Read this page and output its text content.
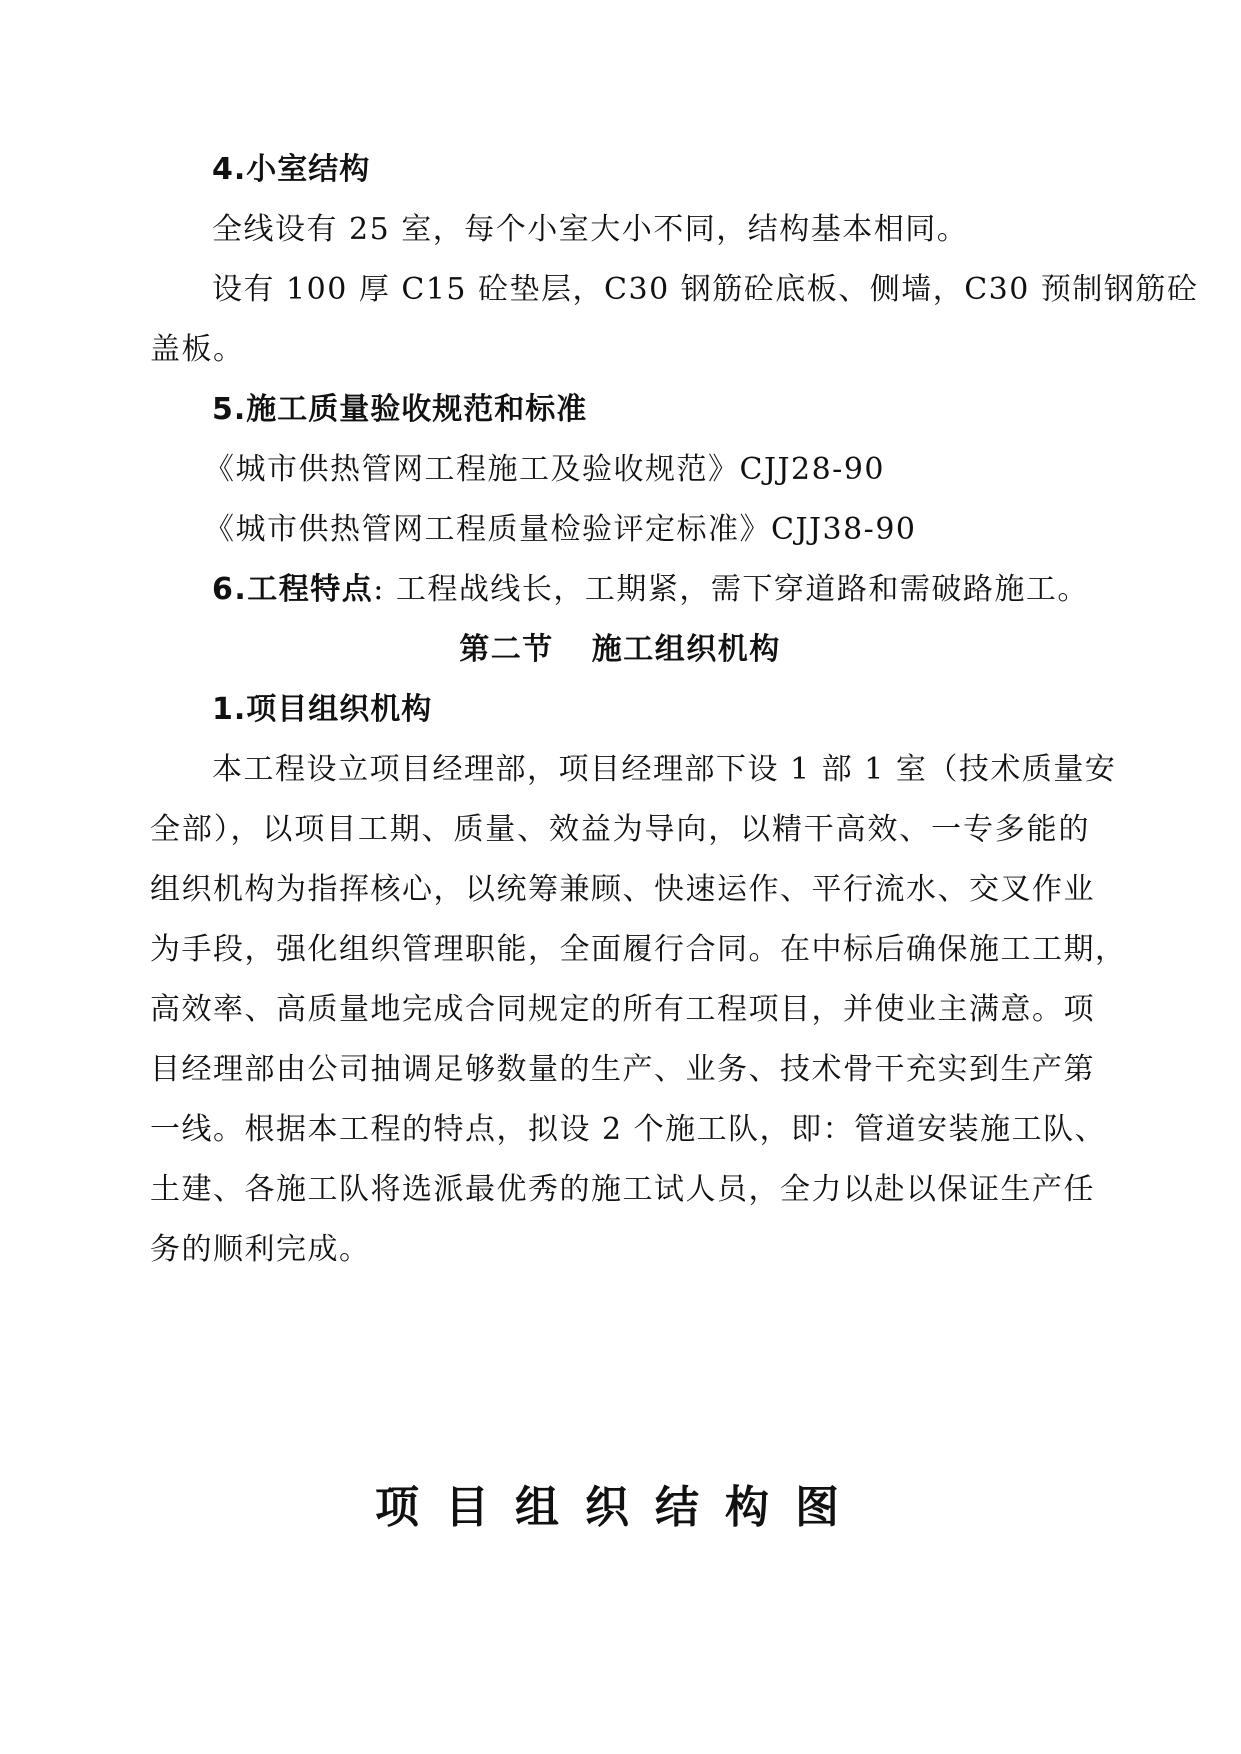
4.小室结构
全线设有 25 室，每个小室大小不同，结构基本相同。
设有 100 厚 C15 砼垫层，C30 钢筋砼底板、侧墙，C30 预制钢筋砼
盖板。
5.施工质量验收规范和标准
《城市供热管网工程施工及验收规范》CJJ28-90
《城市供热管网工程质量检验评定标准》CJJ38-90
6.工程特点: 工程战线长，工期紧，需下穿道路和需破路施工。
第二节 施工组织机构
1.项目组织机构
本工程设立项目经理部，项目经理部下设 1 部 1 室（技术质量安
全部），以项目工期、质量、效益为导向，以精干高效、一专多能的
组织机构为指挥核心，以统筹兼顾、快速运作、平行流水、交叉作业
为手段，强化组织管理职能，全面履行合同。在中标后确保施工工期，
高效率、高质量地完成合同规定的所有工程项目，并使业主满意。项
目经理部由公司抽调足够数量的生产、业务、技术骨干充实到生产第
一线。根据本工程的特点，拟设 2 个施工队，即：管道安装施工队、
土建、各施工队将选派最优秀的施工试人员，全力以赴以保证生产任
务的顺利完成。
项目组织结构图
